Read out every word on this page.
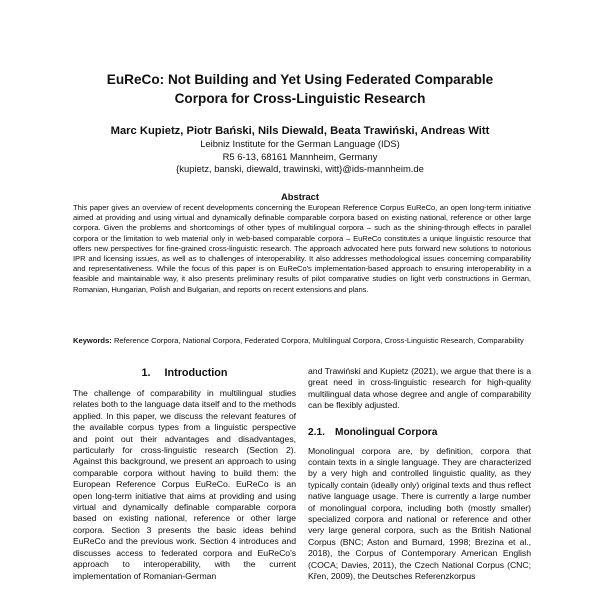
EuReCo: Not Building and Yet Using Federated Comparable
Corpora for Cross-Linguistic Research
Marc Kupietz, Piotr Bański, Nils Diewald, Beata Trawiński, Andreas Witt
Leibniz Institute for the German Language (IDS)
R5 6-13, 68161 Mannheim, Germany
{kupietz, banski, diewald, trawinski, witt}@ids-mannheim.de
Abstract
This paper gives an overview of recent developments concerning the European Reference Corpus EuReCo, an open long-term initiative aimed at providing and using virtual and dynamically definable comparable corpora based on existing national, reference or other large corpora. Given the problems and shortcomings of other types of multilingual corpora – such as the shining-through effects in parallel corpora or the limitation to web material only in web-based comparable corpora – EuReCo constitutes a unique linguistic resource that offers new perspectives for fine-grained cross-linguistic research. The approach advocated here puts forward new solutions to notorious IPR and licensing issues, as well as to challenges of interoperability. It also addresses methodological issues concerning comparability and representativeness. While the focus of this paper is on EuReCo's implementation-based approach to ensuring interoperability in a feasible and maintainable way, it also presents preliminary results of pilot comparative studies on light verb constructions in German, Romanian, Hungarian, Polish and Bulgarian, and reports on recent extensions and plans.
Keywords: Reference Corpora, National Corpora, Federated Corpora, Multilingual Corpora, Cross-Linguistic Research, Comparability
1. Introduction

The challenge of comparability in multilingual studies relates both to the language data itself and to the methods applied. In this paper, we discuss the relevant features of the available corpus types from a linguistic perspective and point out their advantages and disadvantages, particularly for cross-linguistic research (Section 2). Against this background, we present an approach to using comparable corpora without having to build them: the European Reference Corpus EuReCo. EuReCo is an open long-term initiative that aims at providing and using virtual and dynamically definable comparable corpora based on existing national, reference or other large corpora. Section 3 presents the basic ideas behind EuReCo and the previous work. Section 4 introduces and discusses access to federated corpora and EuReCo's approach to interoperability, with the current implementation of Romanian-German

and Trawiński and Kupietz (2021), we argue that there is a great need in cross-linguistic research for high-quality multilingual data whose degree and angle of comparability can be flexibly adjusted.

2.1. Monolingual Corpora

Monolingual corpora are, by definition, corpora that contain texts in a single language. They are characterized by a very high and controlled linguistic quality, as they typically contain (ideally only) original texts and thus reflect native language usage. There is currently a large number of monolingual corpora, including both (mostly smaller) specialized corpora and national or reference and other very large general corpora, such as the British National Corpus (BNC; Aston and Burnard, 1998; Brezina et al., 2018), the Corpus of Contemporary American English (COCA; Davies, 2011), the Czech National Corpus (CNC; Křen, 2009), the Deutsches Referenzkorpus
